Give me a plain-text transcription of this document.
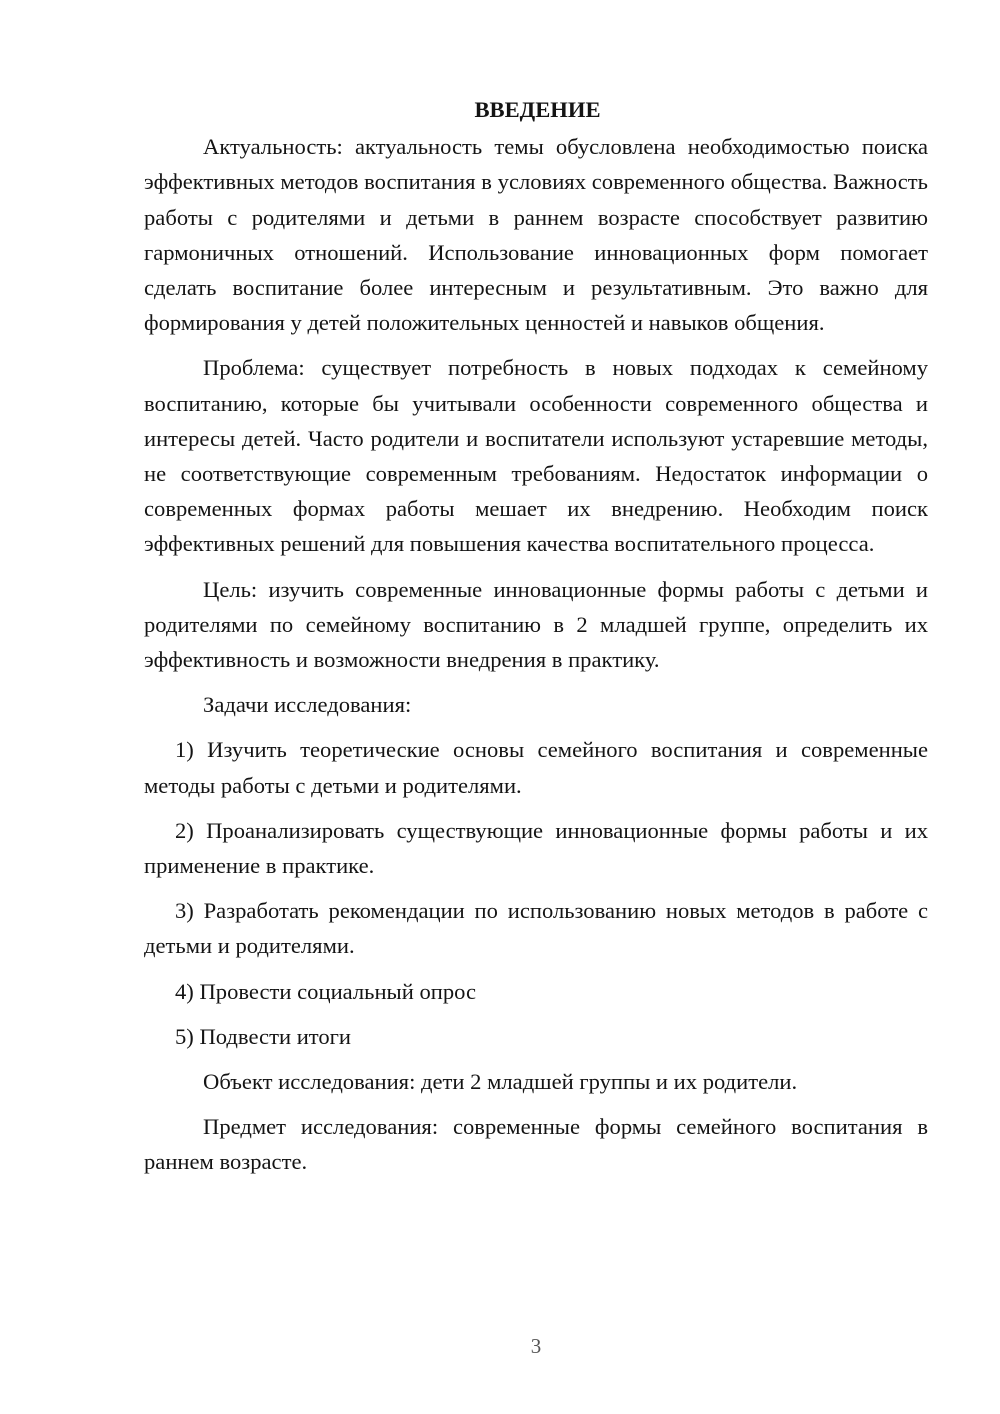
ВВЕДЕНИЕ

Актуальность: актуальность темы обусловлена необходимостью поиска эффективных методов воспитания в условиях современного общества. Важность работы с родителями и детьми в раннем возрасте способствует развитию гармоничных отношений. Использование инновационных форм помогает сделать воспитание более интересным и результативным. Это важно для формирования у детей положительных ценностей и навыков общения.

Проблема: существует потребность в новых подходах к семейному воспитанию, которые бы учитывали особенности современного общества и интересы детей. Часто родители и воспитатели используют устаревшие методы, не соответствующие современным требованиям. Недостаток информации о современных формах работы мешает их внедрению. Необходим поиск эффективных решений для повышения качества воспитательного процесса.

Цель: изучить современные инновационные формы работы с детьми и родителями по семейному воспитанию в 2 младшей группе, определить их эффективность и возможности внедрения в практику.

Задачи исследования:

1) Изучить теоретические основы семейного воспитания и современные методы работы с детьми и родителями.

2) Проанализировать существующие инновационные формы работы и их применение в практике.

3) Разработать рекомендации по использованию новых методов в работе с детьми и родителями.

4) Провести социальный опрос

5) Подвести итоги

Объект исследования: дети 2 младшей группы и их родители.

Предмет исследования: современные формы семейного воспитания в раннем возрасте.

3
